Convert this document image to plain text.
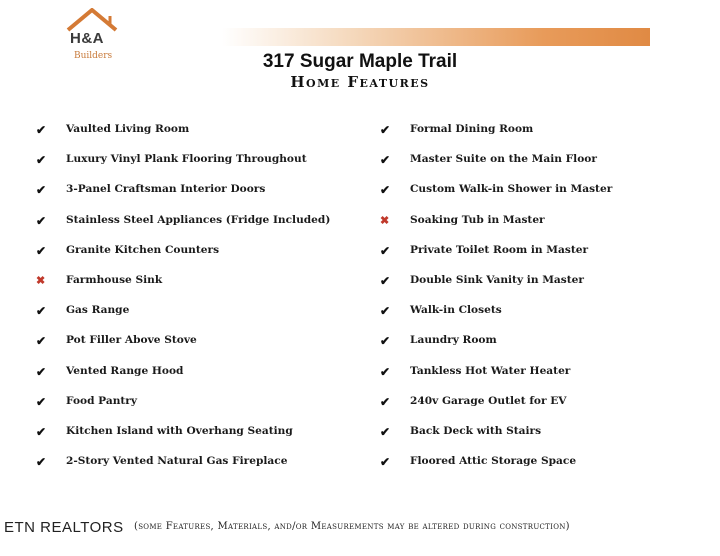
H&A
Builders	317 Sugar Maple Trail
Home Features
✔	Vaulted Living Room
✔	Luxury Vinyl Plank Flooring Throughout
✔	3-Panel Craftsman Interior Doors
✔	Stainless Steel Appliances (Fridge Included)
✔	Granite Kitchen Counters
✖	Farmhouse Sink
✔	Gas Range
✔	Pot Filler Above Stove
✔	Vented Range Hood
✔	Food Pantry
✔	Kitchen Island with Overhang Seating
✔	2-Story Vented Natural Gas Fireplace
✔	Formal Dining Room
✔	Master Suite on the Main Floor
✔	Custom Walk-in Shower in Master
✖	Soaking Tub in Master
✔	Private Toilet Room in Master
✔	Double Sink Vanity in Master
✔	Walk-in Closets
✔	Laundry Room
✔	Tankless Hot Water Heater
✔	240v Garage Outlet for EV
✔	Back Deck with Stairs
✔	Floored Attic Storage Space
ETN REALTORS (some Features, Materials, and/or Measurements may be altered during construction)
